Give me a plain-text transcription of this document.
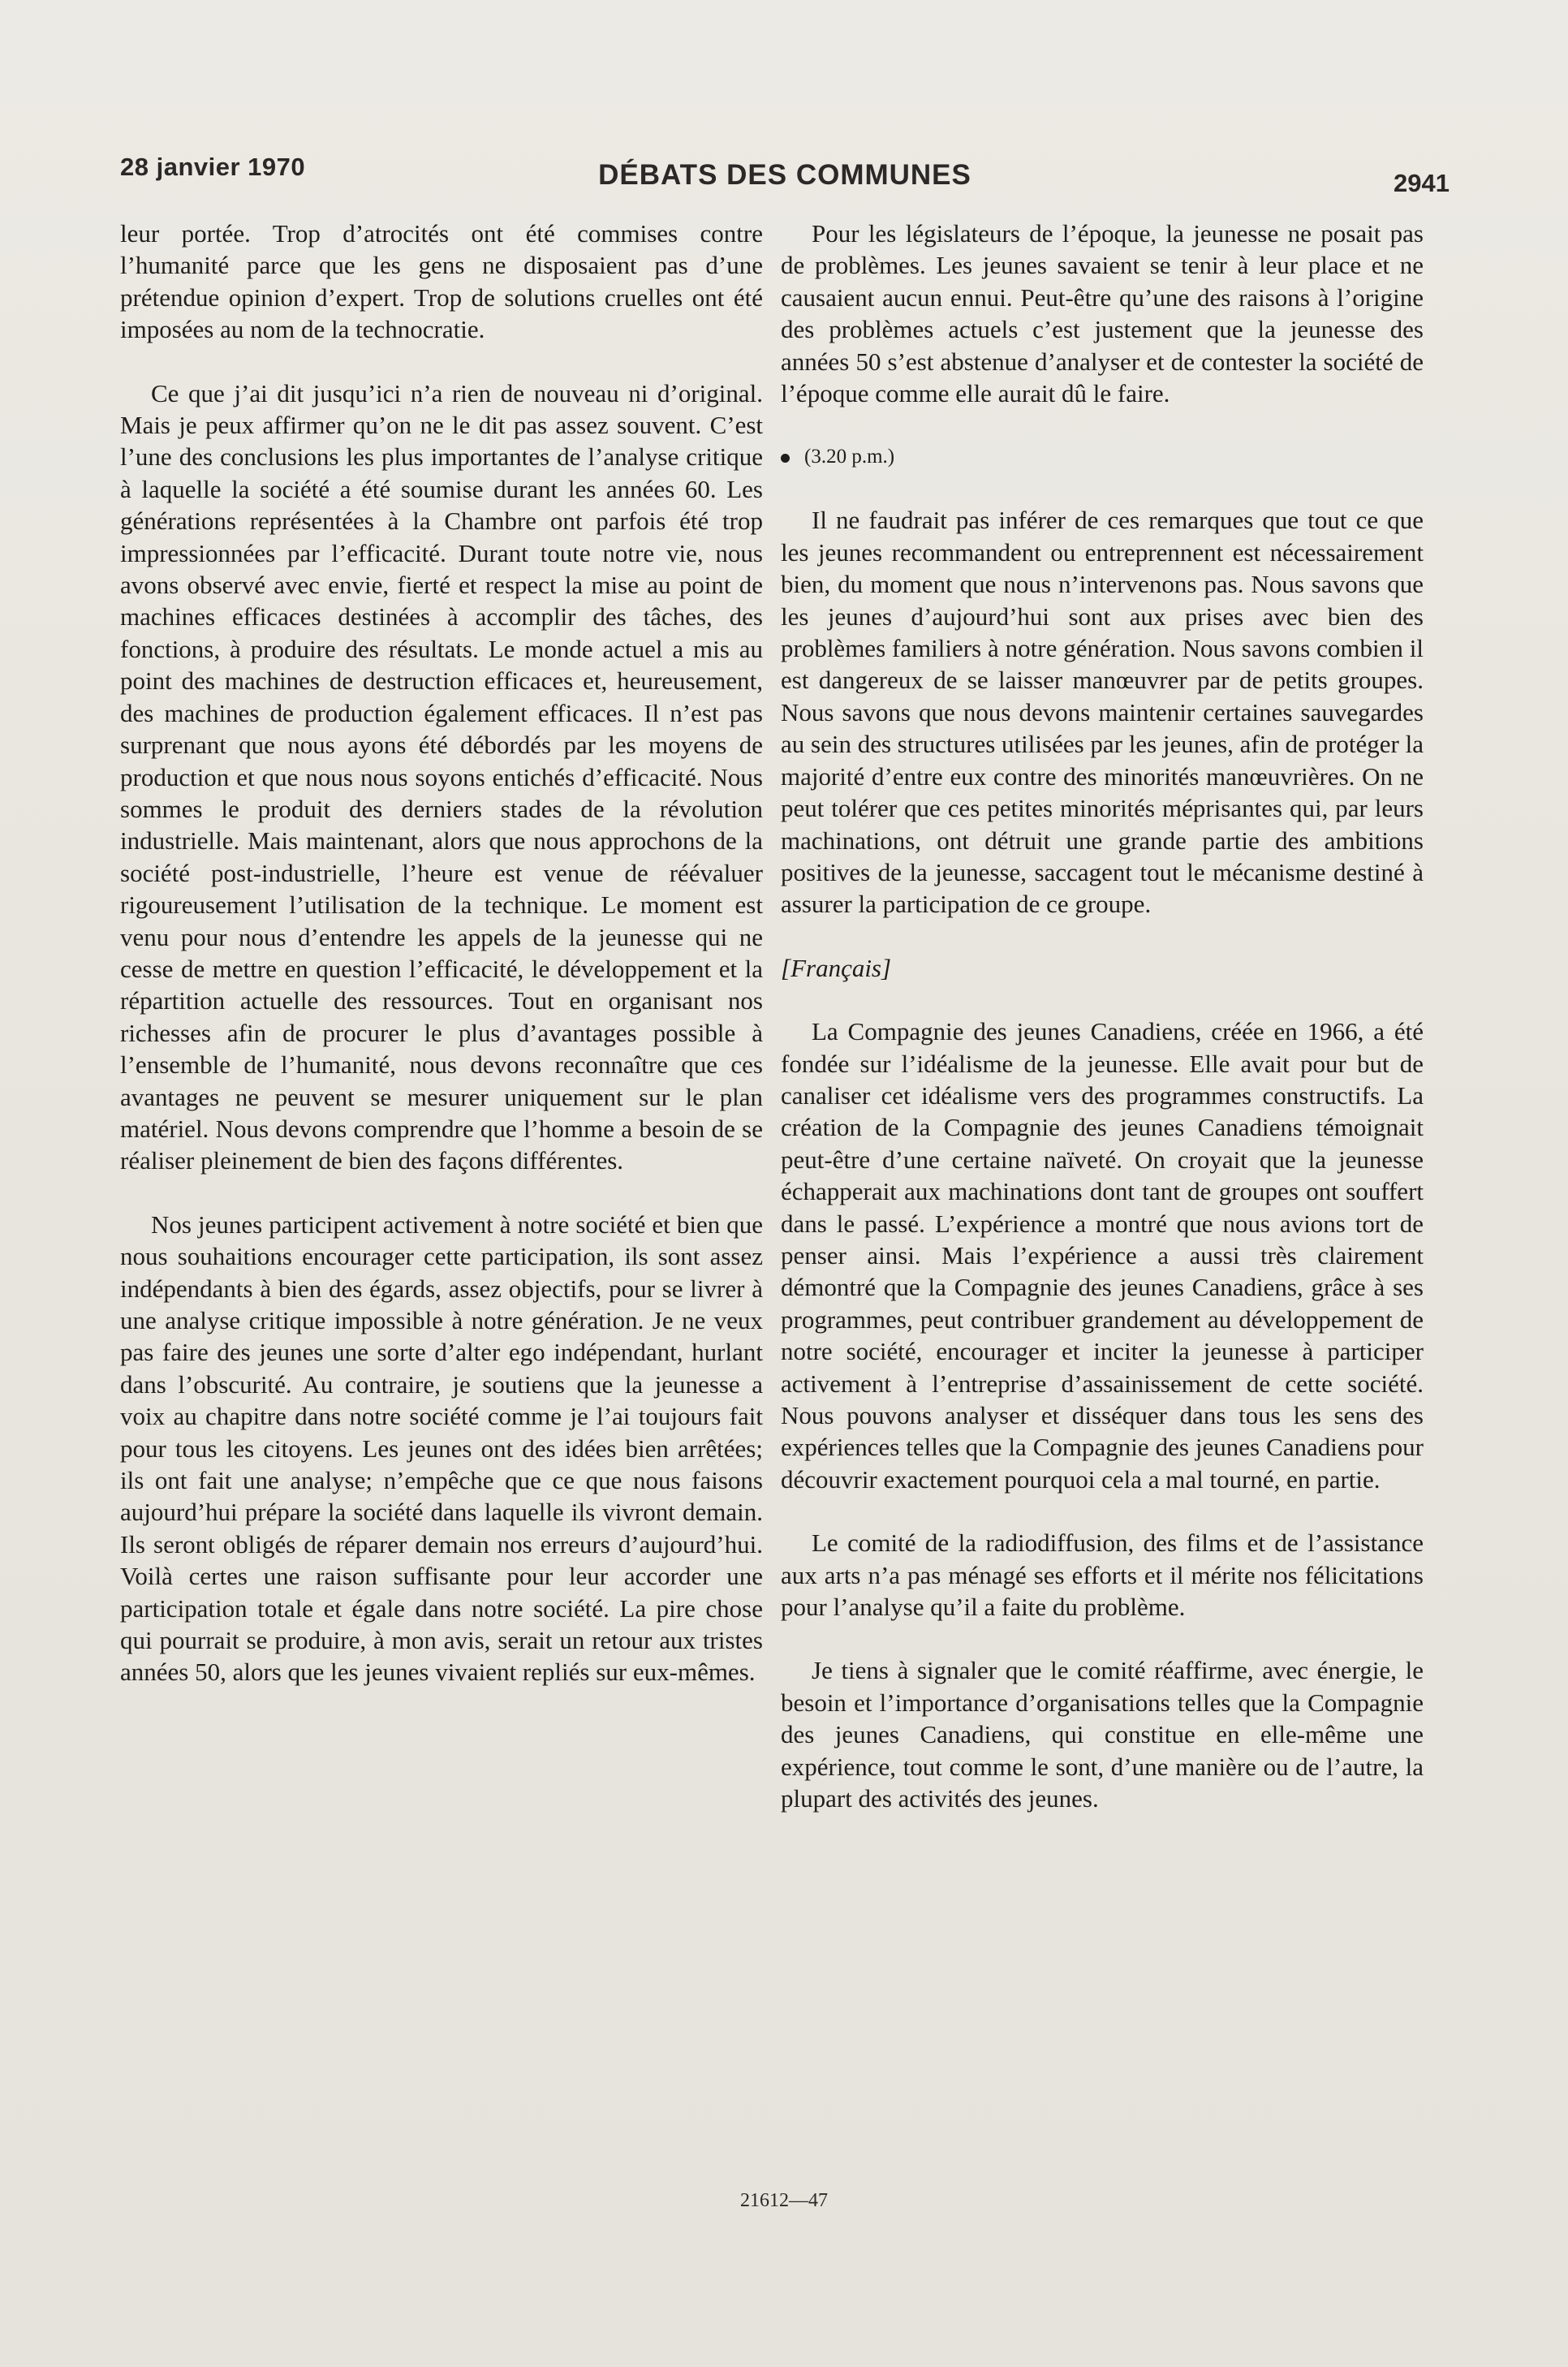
28 janvier 1970	DÉBATS DES COMMUNES	2941

leur portée. Trop d’atrocités ont été commises contre l’humanité parce que les gens ne disposaient pas d’une prétendue opinion d’expert. Trop de solutions cruelles ont été imposées au nom de la technocratie.

Ce que j’ai dit jusqu’ici n’a rien de nouveau ni d’original. Mais je peux affirmer qu’on ne le dit pas assez souvent. C’est l’une des conclusions les plus importantes de l’analyse critique à laquelle la société a été soumise durant les années 60. Les générations représentées à la Chambre ont parfois été trop impressionnées par l’efficacité. Durant toute notre vie, nous avons observé avec envie, fierté et respect la mise au point de machines efficaces destinées à accomplir des tâches, des fonctions, à produire des résultats. Le monde actuel a mis au point des machines de destruction efficaces et, heureusement, des machines de production également efficaces. Il n’est pas surprenant que nous ayons été débordés par les moyens de production et que nous nous soyons entichés d’efficacité. Nous sommes le produit des derniers stades de la révolution industrielle. Mais maintenant, alors que nous approchons de la société post-industrielle, l’heure est venue de réévaluer rigoureusement l’utilisation de la technique. Le moment est venu pour nous d’entendre les appels de la jeunesse qui ne cesse de mettre en question l’efficacité, le développement et la répartition actuelle des ressources. Tout en organisant nos richesses afin de procurer le plus d’avantages possible à l’ensemble de l’humanité, nous devons reconnaître que ces avantages ne peuvent se mesurer uniquement sur le plan matériel. Nous devons comprendre que l’homme a besoin de se réaliser pleinement de bien des façons différentes.

Nos jeunes participent activement à notre société et bien que nous souhaitions encourager cette participation, ils sont assez indépendants à bien des égards, assez objectifs, pour se livrer à une analyse critique impossible à notre génération. Je ne veux pas faire des jeunes une sorte d’alter ego indépendant, hurlant dans l’obscurité. Au contraire, je soutiens que la jeunesse a voix au chapitre dans notre société comme je l’ai toujours fait pour tous les citoyens. Les jeunes ont des idées bien arrêtées; ils ont fait une analyse; n’empêche que ce que nous faisons aujourd’hui prépare la société dans laquelle ils vivront demain. Ils seront obligés de réparer demain nos erreurs d’aujourd’hui. Voilà certes une raison suffisante pour leur accorder une participation totale et égale dans notre société. La pire chose qui pourrait se produire, à mon avis, serait un retour aux tristes années 50, alors que les jeunes vivaient repliés sur eux-mêmes.

Pour les législateurs de l’époque, la jeunesse ne posait pas de problèmes. Les jeunes savaient se tenir à leur place et ne causaient aucun ennui. Peut-être qu’une des raisons à l’origine des problèmes actuels c’est justement que la jeunesse des années 50 s’est abstenue d’analyser et de contester la société de l’époque comme elle aurait dû le faire.

(3.20 p.m.)

Il ne faudrait pas inférer de ces remarques que tout ce que les jeunes recommandent ou entreprennent est nécessairement bien, du moment que nous n’intervenons pas. Nous savons que les jeunes d’aujourd’hui sont aux prises avec bien des problèmes familiers à notre génération. Nous savons combien il est dangereux de se laisser manœuvrer par de petits groupes. Nous savons que nous devons maintenir certaines sauvegardes au sein des structures utilisées par les jeunes, afin de protéger la majorité d’entre eux contre des minorités manœuvrières. On ne peut tolérer que ces petites minorités méprisantes qui, par leurs machinations, ont détruit une grande partie des ambitions positives de la jeunesse, saccagent tout le mécanisme destiné à assurer la participation de ce groupe.

[Français]

La Compagnie des jeunes Canadiens, créée en 1966, a été fondée sur l’idéalisme de la jeunesse. Elle avait pour but de canaliser cet idéalisme vers des programmes constructifs. La création de la Compagnie des jeunes Canadiens témoignait peut-être d’une certaine naïveté. On croyait que la jeunesse échapperait aux machinations dont tant de groupes ont souffert dans le passé. L’expérience a montré que nous avions tort de penser ainsi. Mais l’expérience a aussi très clairement démontré que la Compagnie des jeunes Canadiens, grâce à ses programmes, peut contribuer grandement au développement de notre société, encourager et inciter la jeunesse à participer activement à l’entreprise d’assainissement de cette société. Nous pouvons analyser et disséquer dans tous les sens des expériences telles que la Compagnie des jeunes Canadiens pour découvrir exactement pourquoi cela a mal tourné, en partie.

Le comité de la radiodiffusion, des films et de l’assistance aux arts n’a pas ménagé ses efforts et il mérite nos félicitations pour l’analyse qu’il a faite du problème.

Je tiens à signaler que le comité réaffirme, avec énergie, le besoin et l’importance d’organisations telles que la Compagnie des jeunes Canadiens, qui constitue en elle-même une expérience, tout comme le sont, d’une manière ou de l’autre, la plupart des activités des jeunes.

21612—47
